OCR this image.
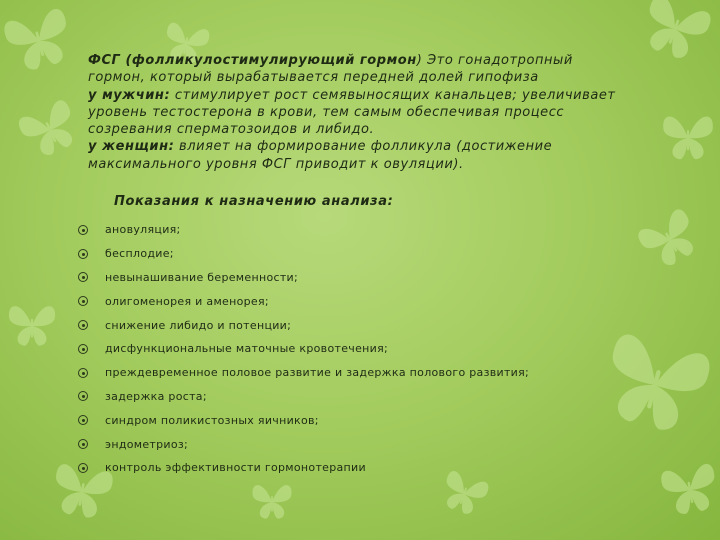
ФСГ (фолликулостимулирующий гормон) Это гонадотропный

гормон, который вырабатывается передней долей гипофиза

у мужчин: стимулирует рост семявыносящих канальцев; увеличивает

уровень тестостерона в крови, тем самым обеспечивая процесс

созревания сперматозоидов и либидо.

у женщин: влияет на формирование фолликула (достижение

максимального уровня ФСГ приводит к овуляции).

Показания к назначению анализа:
ановуляция;
бесплодие;
невынашивание беременности;
олигоменорея и аменорея;
снижение либидо и потенции;
дисфункциональные маточные кровотечения;
преждевременное половое развитие и задержка полового развития;
задержка роста;
синдром поликистозных яичников;
эндометриоз;
контроль эффективности гормонотерапии
